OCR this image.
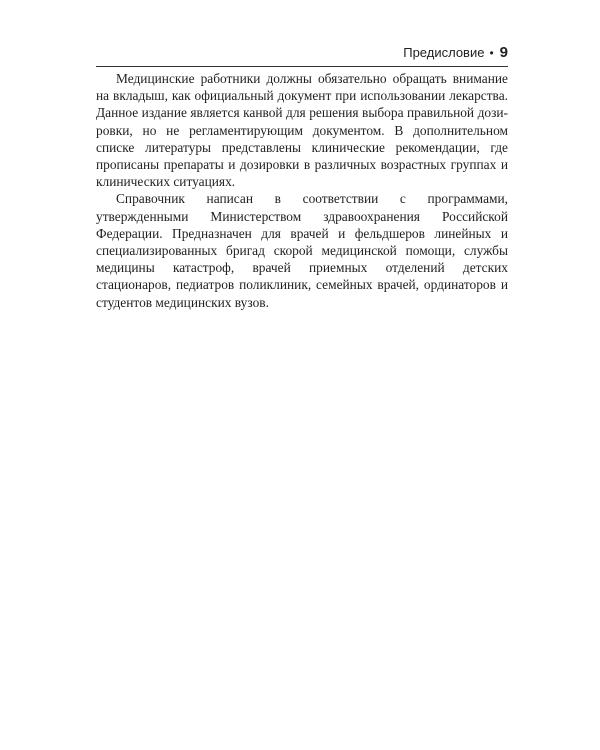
Предисловие • 9

Медицинские работники должны обязательно обращать внимание на вкладыш, как официальный документ при использовании лекарства. Данное издание является канвой для решения выбора правильной дозировки, но не регламентирующим документом. В дополнительном списке литературы представлены клинические рекомендации, где прописаны препараты и дозировки в различных возрастных группах и клинических ситуациях.

Справочник написан в соответствии с программами, утвержденными Министерством здравоохранения Российской Федерации. Предназначен для врачей и фельдшеров линейных и специализированных бригад скорой медицинской помощи, службы медицины катастроф, врачей приемных отделений детских стационаров, педиатров поликлиник, семейных врачей, ординаторов и студентов медицинских вузов.
